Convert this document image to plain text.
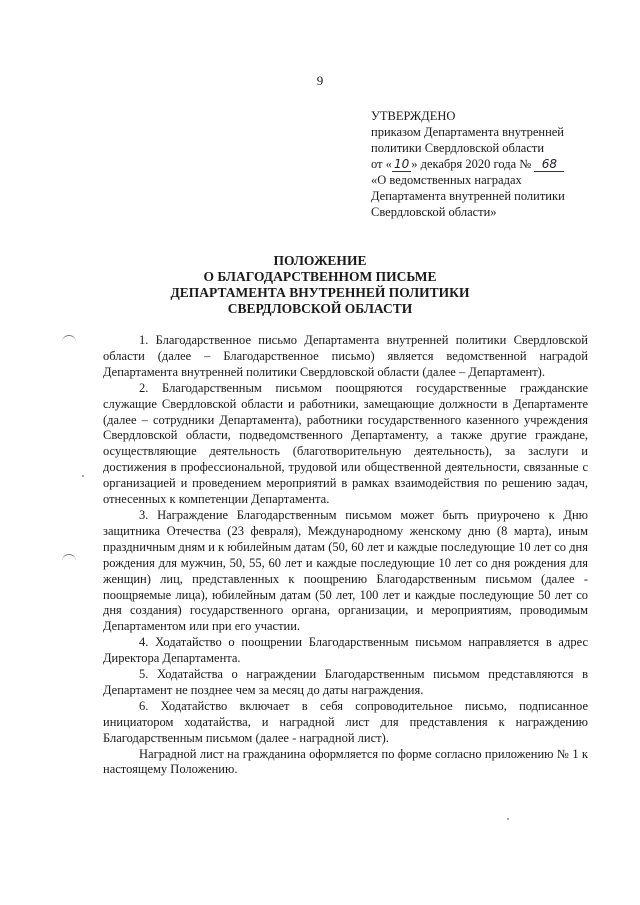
9
УТВЕРЖДЕНО
приказом Департамента внутренней
политики Свердловской области
от « 10 » декабря 2020 года № 68
«О ведомственных наградах
Департамента внутренней политики
Свердловской области»
ПОЛОЖЕНИЕ
О БЛАГОДАРСТВЕННОМ ПИСЬМЕ
ДЕПАРТАМЕНТА ВНУТРЕННЕЙ ПОЛИТИКИ
СВЕРДЛОВСКОЙ ОБЛАСТИ

1. Благодарственное письмо Департамента внутренней политики Свердловской области (далее – Благодарственное письмо) является ведомственной наградой Департамента внутренней политики Свердловской области (далее – Департамент).

2. Благодарственным письмом поощряются государственные гражданские служащие Свердловской области и работники, замещающие должности в Департаменте (далее – сотрудники Департамента), работники государственного казенного учреждения Свердловской области, подведомственного Департаменту, а также другие граждане, осуществляющие деятельность (благотворительную деятельность), за заслуги и достижения в профессиональной, трудовой или общественной деятельности, связанные с организацией и проведением мероприятий в рамках взаимодействия по решению задач, отнесенных к компетенции Департамента.

3. Награждение Благодарственным письмом может быть приурочено к Дню защитника Отечества (23 февраля), Международному женскому дню (8 марта), иным праздничным дням и к юбилейным датам (50, 60 лет и каждые последующие 10 лет со дня рождения для мужчин, 50, 55, 60 лет и каждые последующие 10 лет со дня рождения для женщин) лиц, представленных к поощрению Благодарственным письмом (далее - поощряемые лица), юбилейным датам (50 лет, 100 лет и каждые последующие 50 лет со дня создания) государственного органа, организации, и мероприятиям, проводимым Департаментом или при его участии.

4. Ходатайство о поощрении Благодарственным письмом направляется в адрес Директора Департамента.

5. Ходатайства о награждении Благодарственным письмом представляются в Департамент не позднее чем за месяц до даты награждения.

6. Ходатайство включает в себя сопроводительное письмо, подписанное инициатором ходатайства, и наградной лист для представления к награждению Благодарственным письмом (далее - наградной лист).

Наградной лист на гражданина оформляется по форме согласно приложению № 1 к настоящему Положению.
